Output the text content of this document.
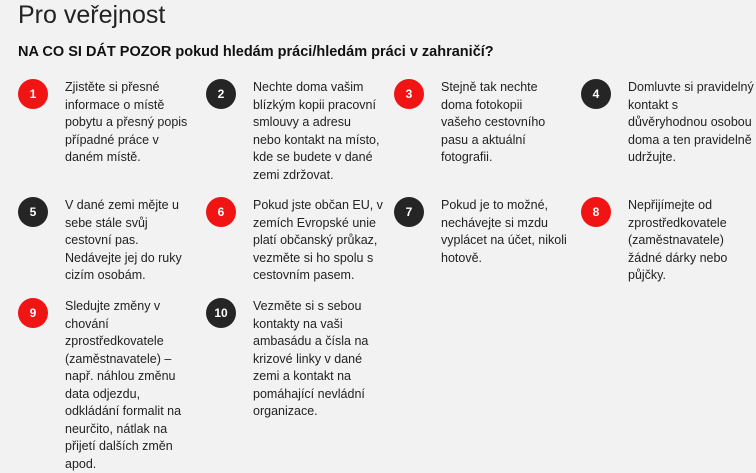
Pro veřejnost
NA CO SI DÁT POZOR pokud hledám práci/hledám práci v zahraničí?
1	Zjistěte si přesné
informace o místě
pobytu a přesný popis
případné práce v
daném místě.
2	Nechte doma vašim
blízkým kopii pracovní
smlouvy a adresu
nebo kontakt na místo,
kde se budete v dané
zemi zdržovat.
3	Stejně tak nechte
doma fotokopii
vašeho cestovního
pasu a aktuální
fotografii.
4	Domluvte si pravidelný
kontakt s
důvěryhodnou osobou
doma a ten pravidelně
udržujte.
5	V dané zemi mějte u
sebe stále svůj
cestovní pas.
Nedávejte jej do ruky
cizím osobám.
6	Pokud jste občan EU, v
zemích Evropské unie
platí občanský průkaz,
vezměte si ho spolu s
cestovním pasem.
7	Pokud je to možné,
nechávejte si mzdu
vyplácet na účet, nikoli
hotově.
8	Nepřijímejte od
zprostředkovatele
(zaměstnavatele)
žádné dárky nebo
půjčky.
9	Sledujte změny v
chování
zprostředkovatele
(zaměstnavatele) –
např. náhlou změnu
data odjezdu,
odkládání formalit na
neurčito, nátlak na
přijetí dalších změn
apod.
10	Vezměte si s sebou
kontakty na vaši
ambasádu a čísla na
krizové linky v dané
zemi a kontakt na
pomáhající nevládní
organizace.
